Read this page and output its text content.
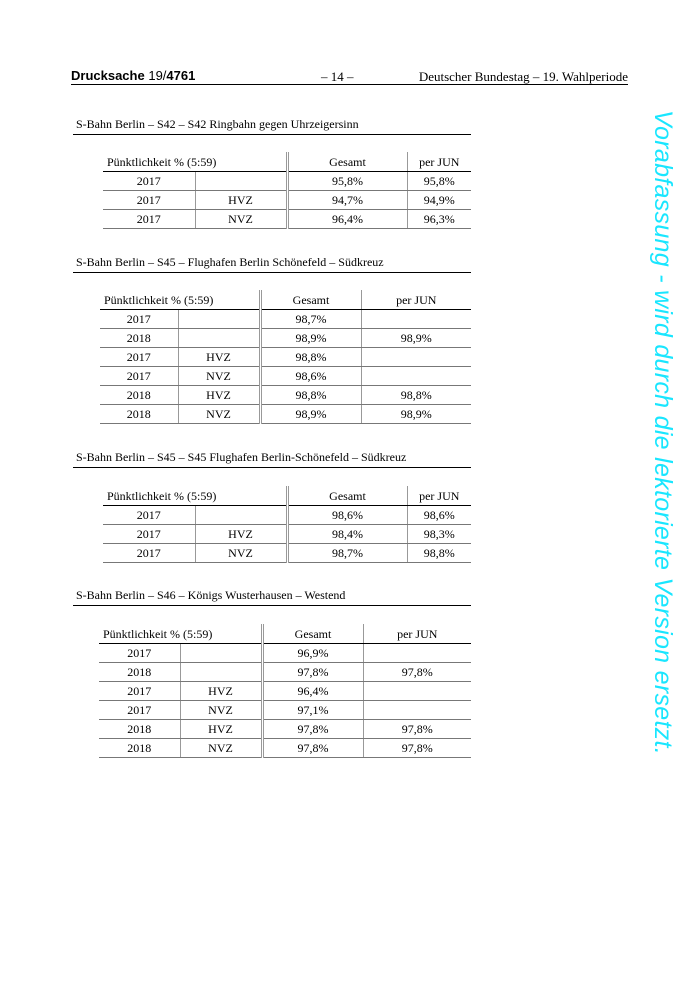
Drucksache 19/4761	– 14 –	Deutscher Bundestag – 19. Wahlperiode
S-Bahn Berlin – S42 – S42 Ringbahn gegen Uhrzeigersinn
Pünktlichkeit % (5:59)		Gesamt	per JUN
2017		95,8%	95,8%
2017	HVZ	94,7%	94,9%
2017	NVZ	96,4%	96,3%
S-Bahn Berlin – S45 – Flughafen Berlin Schönefeld – Südkreuz
Pünktlichkeit % (5:59)		Gesamt	per JUN
2017		98,7%	
2018		98,9%	98,9%
2017	HVZ	98,8%	
2017	NVZ	98,6%	
2018	HVZ	98,8%	98,8%
2018	NVZ	98,9%	98,9%
S-Bahn Berlin – S45 – S45 Flughafen Berlin-Schönefeld – Südkreuz
Pünktlichkeit % (5:59)		Gesamt	per JUN
2017		98,6%	98,6%
2017	HVZ	98,4%	98,3%
2017	NVZ	98,7%	98,8%
S-Bahn Berlin – S46 – Königs Wusterhausen – Westend
Pünktlichkeit % (5:59)		Gesamt	per JUN
2017		96,9%	
2018		97,8%	97,8%
2017	HVZ	96,4%	
2017	NVZ	97,1%	
2018	HVZ	97,8%	97,8%
2018	NVZ	97,8%	97,8%	Vorabfassung - wird durch die lektorierte Version ersetzt.
